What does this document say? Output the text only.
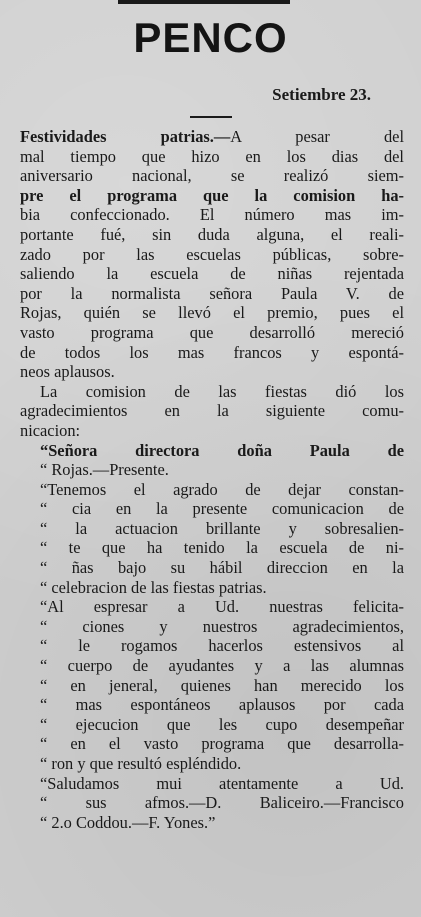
PENCO
Setiembre 23.
Festividades patrias.—A pesar del
mal tiempo que hizo en los dias del
aniversario nacional, se realizó siem-
pre el programa que la comision ha-
bia confeccionado. El número mas im-
portante fué, sin duda alguna, el reali-
zado por las escuelas públicas, sobre-
saliendo la escuela de niñas rejentada
por la normalista señora Paula V. de
Rojas, quién se llevó el premio, pues el
vasto programa que desarrolló mereció
de todos los mas francos y espontá-
neos aplausos.
La comision de las fiestas dió los
agradecimientos en la siguiente comu-
nicacion:
“Señora directora doña Paula de
“ Rojas.—Presente.
“Tenemos el agrado de dejar constan-
“ cia en la presente comunicacion de
“ la actuacion brillante y sobresalien-
“ te que ha tenido la escuela de ni-
“ ñas bajo su hábil direccion en la
“ celebracion de las fiestas patrias.
“Al espresar a Ud. nuestras felicita-
“ ciones y nuestros agradecimientos,
“ le rogamos hacerlos estensivos al
“ cuerpo de ayudantes y a las alumnas
“ en jeneral, quienes han merecido los
“ mas espontáneos aplausos por cada
“ ejecucion que les cupo desempeñar
“ en el vasto programa que desarrolla-
“ ron y que resultó espléndido.
“Saludamos mui atentamente a Ud.
“ sus afmos.—D. Baliceiro.—Francisco
“ 2.o Coddou.—F. Yones.”
